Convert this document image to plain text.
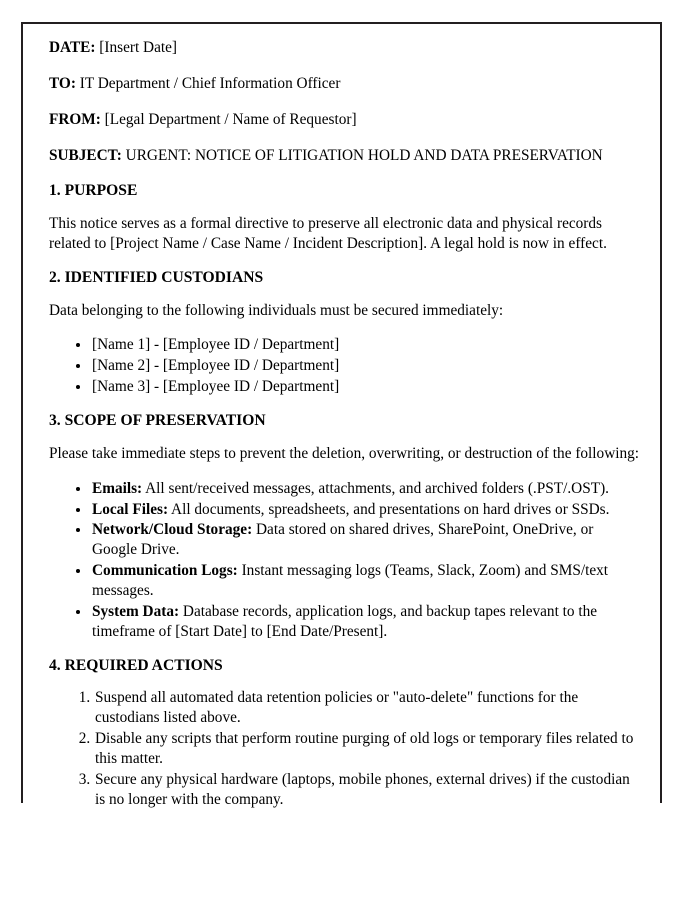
DATE: [Insert Date]

TO: IT Department / Chief Information Officer

FROM: [Legal Department / Name of Requestor]

SUBJECT: URGENT: NOTICE OF LITIGATION HOLD AND DATA PRESERVATION

1. PURPOSE

This notice serves as a formal directive to preserve all electronic data and physical records related to [Project Name / Case Name / Incident Description]. A legal hold is now in effect.

2. IDENTIFIED CUSTODIANS

Data belonging to the following individuals must be secured immediately:

• [Name 1] - [Employee ID / Department]
• [Name 2] - [Employee ID / Department]
• [Name 3] - [Employee ID / Department]
3. SCOPE OF PRESERVATION

Please take immediate steps to prevent the deletion, overwriting, or destruction of the following:

• Emails: All sent/received messages, attachments, and archived folders (.PST/.OST).
• Local Files: All documents, spreadsheets, and presentations on hard drives or SSDs.
• Network/Cloud Storage: Data stored on shared drives, SharePoint, OneDrive, or Google Drive.
• Communication Logs: Instant messaging logs (Teams, Slack, Zoom) and SMS/text messages.
• System Data: Database records, application logs, and backup tapes relevant to the timeframe of [Start Date] to [End Date/Present].
4. REQUIRED ACTIONS
1. Suspend all automated data retention policies or "auto-delete" functions for the custodians listed above.
2. Disable any scripts that perform routine purging of old logs or temporary files related to this matter.
3. Secure any physical hardware (laptops, mobile phones, external drives) if the custodian is no longer with the company.
